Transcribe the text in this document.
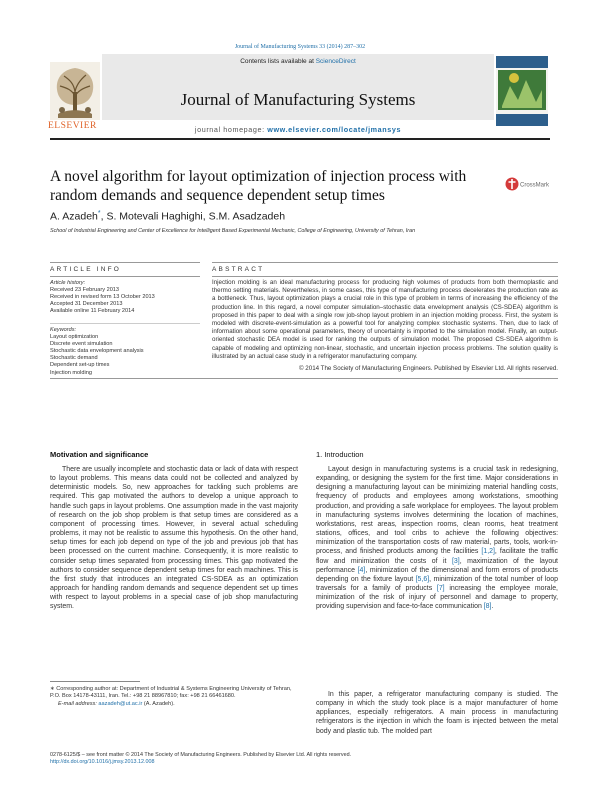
Journal of Manufacturing Systems 33 (2014) 287–302
Contents lists available at ScienceDirect
Journal of Manufacturing Systems
journal homepage: www.elsevier.com/locate/jmansys
ELSEVIER
A novel algorithm for layout optimization of injection process with random demands and sequence dependent setup times
CrossMark
A. Azadeh*, S. Motevali Haghighi, S.M. Asadzadeh
School of Industrial Engineering and Center of Excellence for Intelligent Based Experimental Mechanic, College of Engineering, University of Tehran, Iran
ARTICLE INFO	ABSTRACT
Article history:
Received 23 February 2013
Received in revised form 13 October 2013
Accepted 31 December 2013
Available online 11 February 2014
Keywords:
Layout optimization
Discrete event simulation
Stochastic data envelopment analysis
Stochastic demand
Dependent set-up times
Injection molding

Injection molding is an ideal manufacturing process for producing high volumes of products from both thermoplastic and thermo setting materials. Nevertheless, in some cases, this type of manufacturing process decelerates the production rate as a bottleneck. Thus, layout optimization plays a crucial role in this type of problem in terms of increasing the efficiency of the production line. In this regard, a novel computer simulation–stochastic data envelopment analysis (CS-SDEA) algorithm is proposed in this paper to deal with a single row job-shop layout problem in an injection molding process. First, the system is modeled with discrete-event-simulation as a powerful tool for analyzing complex stochastic systems. Then, due to lack of information about some operational parameters, theory of uncertainty is imported to the simulation model. Finally, an output-oriented stochastic DEA model is used for ranking the outputs of simulation model. The proposed CS-SDEA algorithm is capable of modeling and optimizing non-linear, stochastic, and uncertain injection process problems. The solution quality is illustrated by an actual case study in a refrigerator manufacturing company.

© 2014 The Society of Manufacturing Engineers. Published by Elsevier Ltd. All rights reserved.
Motivation and significance

There are usually incomplete and stochastic data or lack of data with respect to layout problems. This means data could not be collected and analyzed by deterministic models. So, new approaches for tackling such problems are required. This gap motivated the authors to develop a unique approach to handle such gaps in layout problems. One assumption made in the vast majority of research on the job shop problem is that setup times are considered as a component of processing times. However, in several actual scheduling problems, it may not be realistic to assume this hypothesis. On the other hand, setup times for each job depend on type of the job and previous job that has been processed on the current machine. Consequently, it is more realistic to consider setup times separated from processing times. This gap motivated the authors to consider sequence dependent setup times for each machines. This is the first study that introduces an integrated CS-SDEA as an optimization approach for handling random demands and sequence dependent set up times with respect to layout problems in a special case of job shop manufacturing system.

∗ Corresponding author at: Department of Industrial & Systems Engineering University of Tehran, P.O. Box 14178-43111, Iran. Tel.: +98 21 88967810; fax: +98 21 66461680.
E-mail address: aazadeh@ut.ac.ir (A. Azadeh).
0278-6125/$ – see front matter © 2014 The Society of Manufacturing Engineers. Published by Elsevier Ltd. All rights reserved.
http://dx.doi.org/10.1016/j.jmsy.2013.12.008
1. Introduction

Layout design in manufacturing systems is a crucial task in redesigning, expanding, or designing the system for the first time. Major considerations in designing a manufacturing layout can be minimizing material handling costs, frequency of products and employees among workstations, smoothing production, and providing a safe workplace for employees. The layout problem in manufacturing systems involves determining the location of machines, workstations, rest areas, inspection rooms, clean rooms, heat treatment stations, offices, and tool cribs to achieve the following objectives: minimization of the transportation costs of raw material, parts, tools, work-in-process, and finished products among the facilities [1,2], facilitate the traffic flow and minimization the costs of it [3], maximization of the layout performance [4], minimization of the dimensional and form errors of products depending on the fixture layout [5,6], minimization of the total number of loop traversals for a family of products [7] increasing the employee morale, minimization of the risk of injury of personnel and damage to property, providing supervision and face-to-face communication [8].

In this paper, a refrigerator manufacturing company is studied. The company in which the study took place is a major manufacturer of home appliances, especially refrigerators. A main process in manufacturing refrigerators is the injection in which the foam is injected between the metal body and plastic tub. The molded part
